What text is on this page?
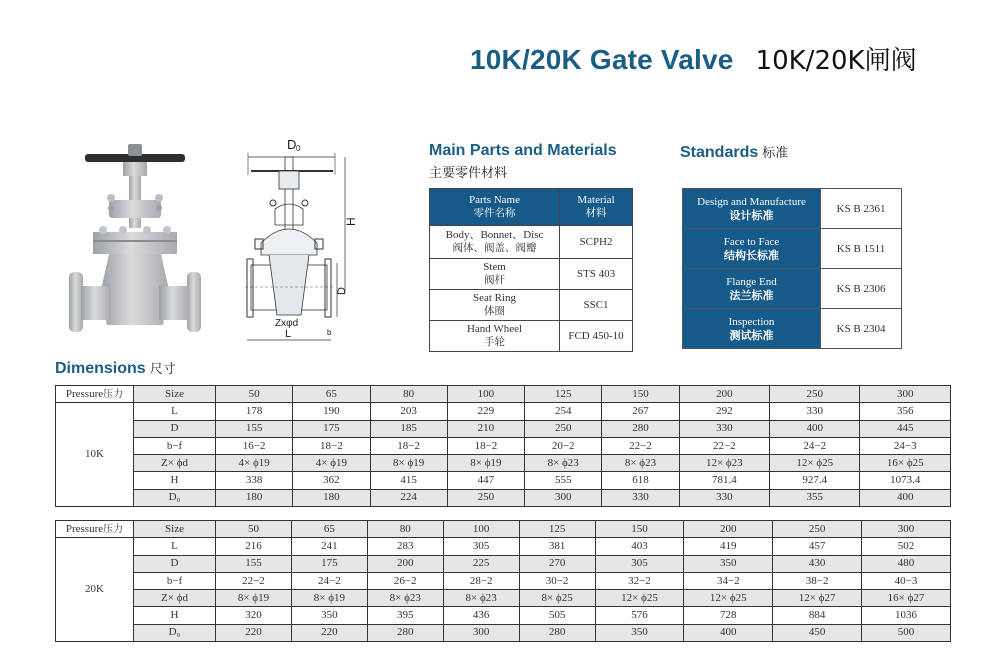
10K/20K Gate Valve 10K/20K闸阀
D 0
H
D
Zxφd
L	b
Main Parts and Materials
主要零件材料
Parts Name
零件名称	Material
材料

Body、Bonnet、Disc
阀体、阀盖、阀瓣	SCPH2
Stem
阀杆	STS 403
Seat Ring
体圈	SSC1
Hand Wheel
手轮	FCD 450-10
Standards 标准
Design and Manufacture
设计标准	KS B 2361
Face to Face
结构长标准	KS B 1511
Flange End
法兰标准	KS B 2306
Inspection
测试标准	KS B 2304
Dimensions 尺寸
Pressure压力	Size	50	65	80	100	125	150	200	250	300
10K	L	178	190	203	229	254	267	292	330	356
	D	155	175	185	210	250	280	330	400	445
	b−f	16−2	18−2	18−2	18−2	20−2	22−2	22−2	24−2	24−3
	Z× ϕd	4× ϕ19	4× ϕ19	8× ϕ19	8× ϕ19	8× ϕ23	8× ϕ23	12× ϕ23	12× ϕ25	16× ϕ25
	H	338	362	415	447	555	618	781.4	927.4	1073.4
	D₀	180	180	224	250	300	330	330	355	400
Pressure压力	Size	50	65	80	100	125	150	200	250	300
20K	L	216	241	283	305	381	403	419	457	502
	D	155	175	200	225	270	305	350	430	480
	b−f	22−2	24−2	26−2	28−2	30−2	32−2	34−2	38−2	40−3
	Z× ϕd	8× ϕ19	8× ϕ19	8× ϕ23	8× ϕ23	8× ϕ25	12× ϕ25	12× ϕ25	12× ϕ27	16× ϕ27
	H	320	350	395	436	505	576	728	884	1036
	D₀	220	220	280	300	280	350	400	450	500
